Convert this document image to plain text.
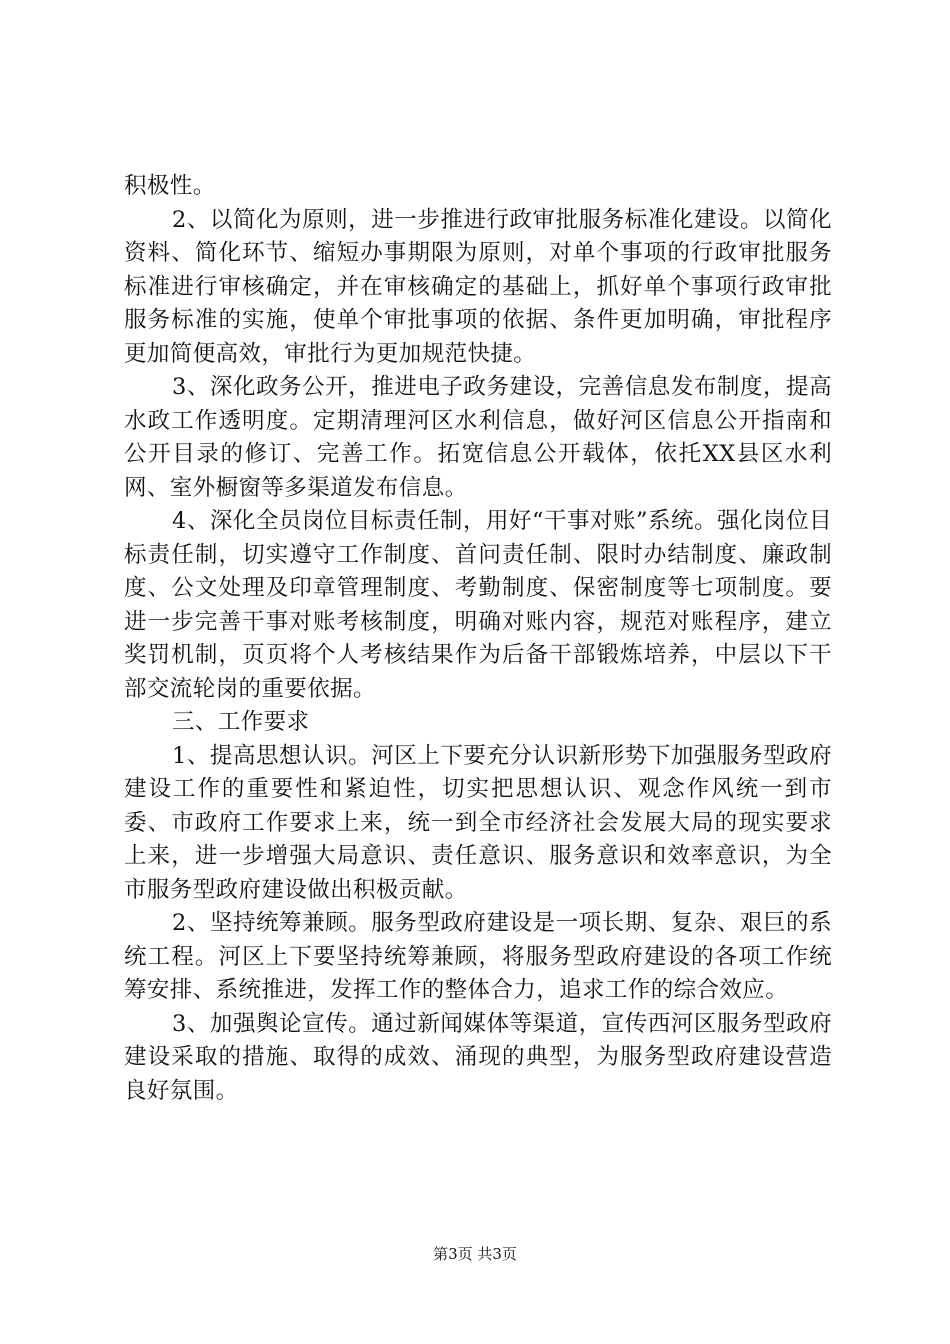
积极性。

2、以简化为原则，进一步推进行政审批服务标准化建设。以简化资料、简化环节、缩短办事期限为原则，对单个事项的行政审批服务标准进行审核确定，并在审核确定的基础上，抓好单个事项行政审批服务标准的实施，使单个审批事项的依据、条件更加明确，审批程序更加简便高效，审批行为更加规范快捷。

3、深化政务公开，推进电子政务建设，完善信息发布制度，提高水政工作透明度。定期清理河区水利信息，做好河区信息公开指南和公开目录的修订、完善工作。拓宽信息公开载体，依托XX县区水利网、室外橱窗等多渠道发布信息。

4、深化全员岗位目标责任制，用好“干事对账”系统。强化岗位目标责任制，切实遵守工作制度、首问责任制、限时办结制度、廉政制度、公文处理及印章管理制度、考勤制度、保密制度等七项制度。要进一步完善干事对账考核制度，明确对账内容，规范对账程序，建立奖罚机制，页页将个人考核结果作为后备干部锻炼培养，中层以下干部交流轮岗的重要依据。

三、工作要求

1、提高思想认识。河区上下要充分认识新形势下加强服务型政府建设工作的重要性和紧迫性，切实把思想认识、观念作风统一到市委、市政府工作要求上来，统一到全市经济社会发展大局的现实要求上来，进一步增强大局意识、责任意识、服务意识和效率意识，为全市服务型政府建设做出积极贡献。

2、坚持统筹兼顾。服务型政府建设是一项长期、复杂、艰巨的系统工程。河区上下要坚持统筹兼顾，将服务型政府建设的各项工作统筹安排、系统推进，发挥工作的整体合力，追求工作的综合效应。

3、加强舆论宣传。通过新闻媒体等渠道，宣传西河区服务型政府建设采取的措施、取得的成效、涌现的典型，为服务型政府建设营造良好氛围。

第3页 共3页
